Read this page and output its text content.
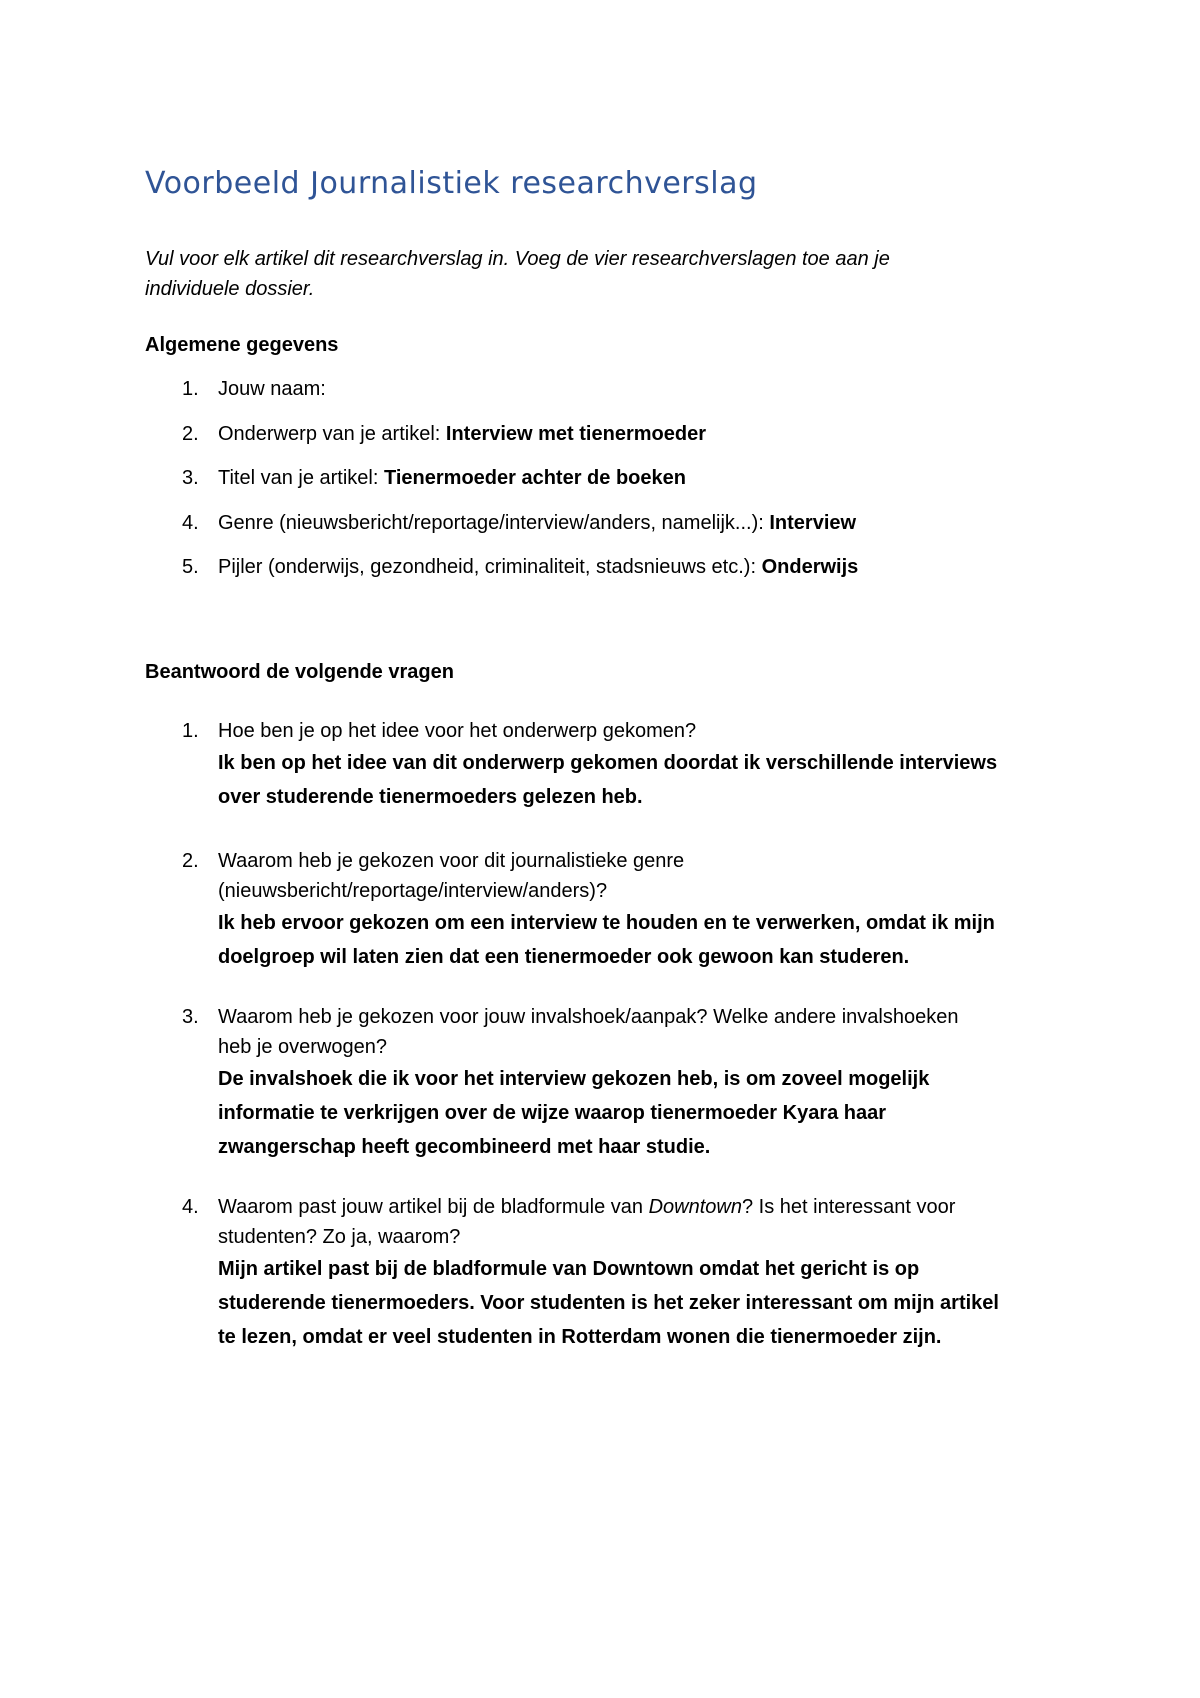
Voorbeeld Journalistiek researchverslag

Vul voor elk artikel dit researchverslag in. Voeg de vier researchverslagen toe aan je
individuele dossier.

Algemene gegevens

1. Jouw naam:
2. Onderwerp van je artikel: Interview met tienermoeder
3. Titel van je artikel: Tienermoeder achter de boeken
4. Genre (nieuwsbericht/reportage/interview/anders, namelijk...): Interview
5. Pijler (onderwijs, gezondheid, criminaliteit, stadsnieuws etc.): Onderwijs

Beantwoord de volgende vragen

1. Hoe ben je op het idee voor het onderwerp gekomen?
Ik ben op het idee van dit onderwerp gekomen doordat ik verschillende interviews
over studerende tienermoeders gelezen heb.
2. Waarom heb je gekozen voor dit journalistieke genre
(nieuwsbericht/reportage/interview/anders)?
Ik heb ervoor gekozen om een interview te houden en te verwerken, omdat ik mijn
doelgroep wil laten zien dat een tienermoeder ook gewoon kan studeren.
3. Waarom heb je gekozen voor jouw invalshoek/aanpak? Welke andere invalshoeken
heb je overwogen?
De invalshoek die ik voor het interview gekozen heb, is om zoveel mogelijk
informatie te verkrijgen over de wijze waarop tienermoeder Kyara haar
zwangerschap heeft gecombineerd met haar studie.
4. Waarom past jouw artikel bij de bladformule van Downtown? Is het interessant voor
studenten? Zo ja, waarom?
Mijn artikel past bij de bladformule van Downtown omdat het gericht is op
studerende tienermoeders. Voor studenten is het zeker interessant om mijn artikel
te lezen, omdat er veel studenten in Rotterdam wonen die tienermoeder zijn.
